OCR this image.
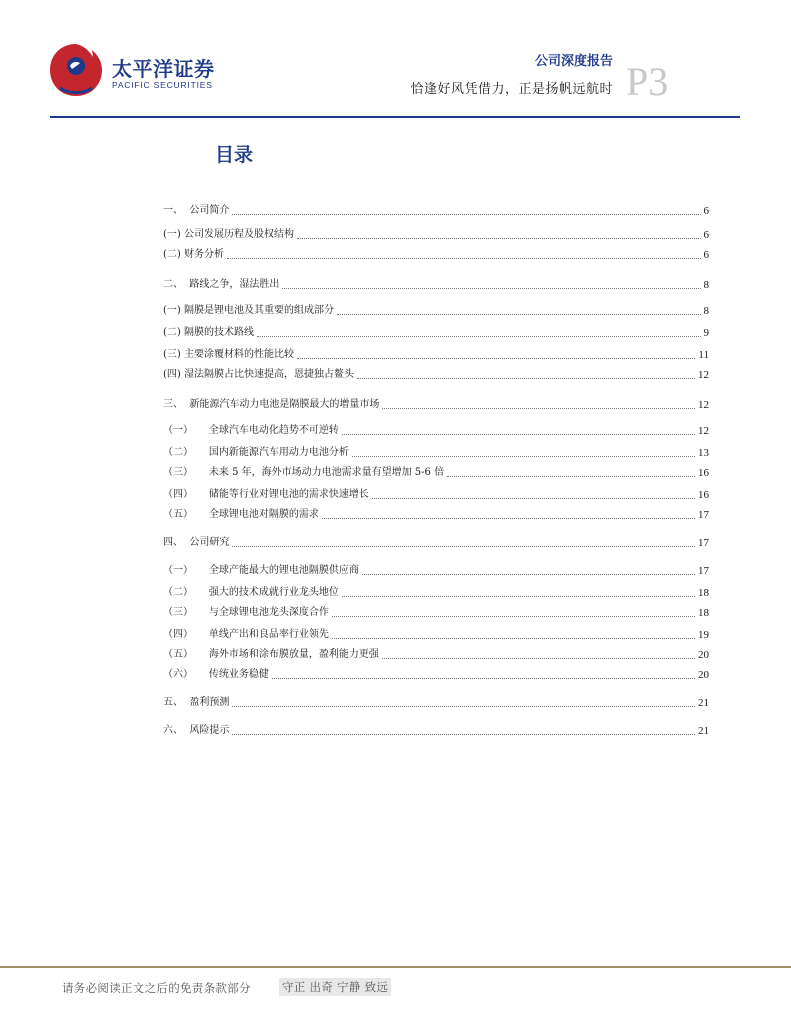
太平洋证券
PACIFIC SECURITIES
公司深度报告
恰逢好风凭借力，正是扬帆远航时 P3
目录
一、  公司简介	6
(一) 公司发展历程及股权结构	6
(二) 财务分析	6
二、  路线之争，湿法胜出	8
(一) 隔膜是锂电池及其重要的组成部分	8
(二) 隔膜的技术路线	9
(三) 主要涂覆材料的性能比较	11
(四) 湿法隔膜占比快速提高，恩捷独占鳌头	12
三、  新能源汽车动力电池是隔膜最大的增量市场	12
（一）     全球汽车电动化趋势不可逆转	12
（二）     国内新能源汽车用动力电池分析	13
（三）     未来 5 年，海外市场动力电池需求量有望增加 5-6 倍	16
（四）     储能等行业对锂电池的需求快速增长	16
（五）     全球锂电池对隔膜的需求	17
四、  公司研究	17
（一）     全球产能最大的锂电池隔膜供应商	17
（二）     强大的技术成就行业龙头地位	18
（三）     与全球锂电池龙头深度合作	18
（四）     单线产出和良品率行业领先	19
（五）     海外市场和涂布膜放量，盈利能力更强	20
（六）     传统业务稳健	20
五、  盈利预测	21
六、  风险提示	21
请务必阅读正文之后的免责条款部分	守正 出奇 宁静 致远
